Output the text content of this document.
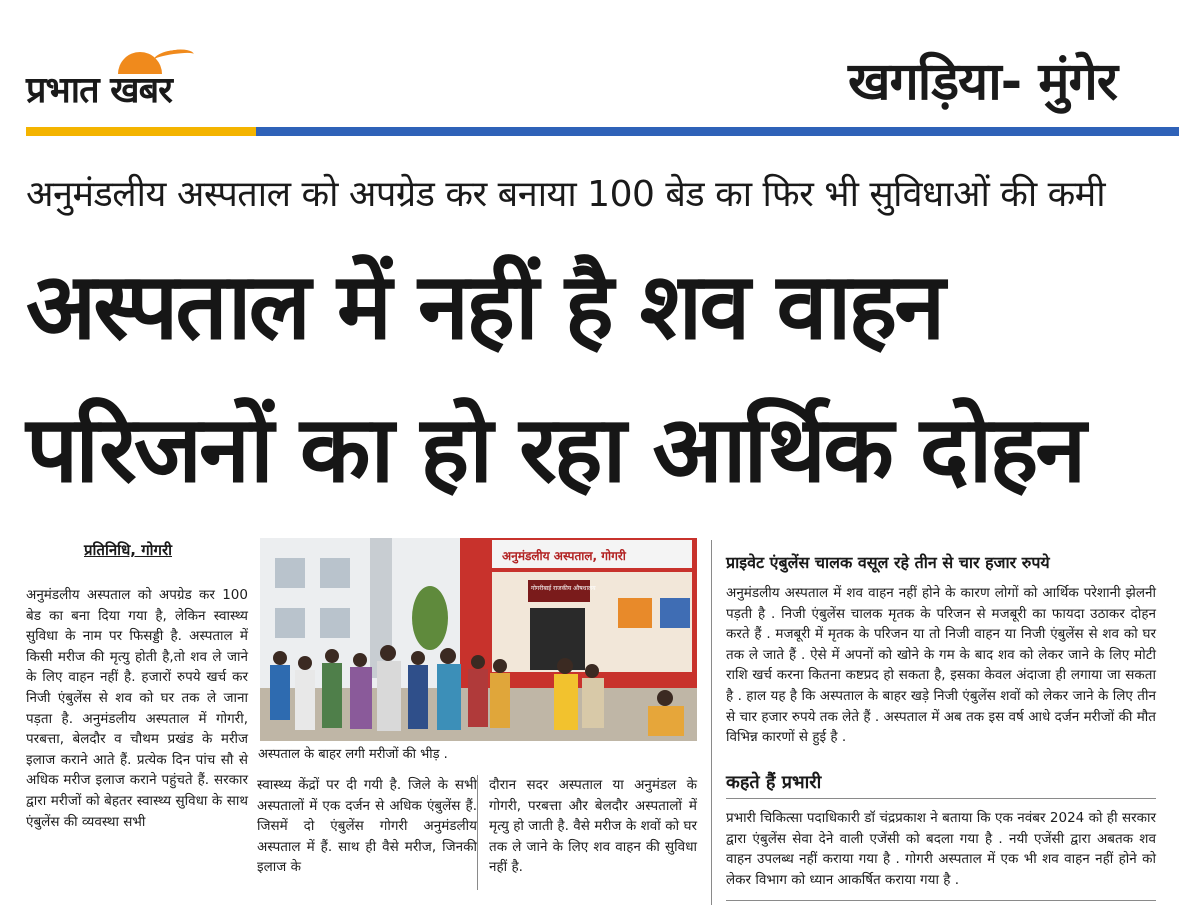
प्रभात खबर	खगड़िया- मुंगेर
अनुमंडलीय अस्पताल को अपग्रेड कर बनाया 100 बेड का फिर भी सुविधाओं की कमी
अस्पताल में नहीं है शव वाहन
परिजनों का हो रहा आर्थिक दोहन
प्रतिनिधि, गोगरी
अनुमंडलीय अस्पताल को अपग्रेड कर 100 बेड का बना दिया गया है, लेकिन स्वास्थ्य सुविधा के नाम पर फिसड्डी है. अस्पताल में किसी मरीज की मृत्यु होती है,तो शव ले जाने के लिए वाहन नहीं है. हजारों रुपये खर्च कर निजी एंबुलेंस से शव को घर तक ले जाना पड़ता है. अनुमंडलीय अस्पताल में गोगरी, परबत्ता, बेलदौर व चौथम प्रखंड के मरीज इलाज कराने आते हैं. प्रत्येक दिन पांच सौ से अधिक मरीज इलाज कराने पहुंचते हैं. सरकार द्वारा मरीजों को बेहतर स्वास्थ्य सुविधा के साथ एंबुलेंस की व्यवस्था सभी
अनुमंडलीय अस्पताल, गोगरी
गोगरीबाई राजकीय औषधालय
अस्पताल के बाहर लगी मरीजों की भीड़ .
स्वास्थ्य केंद्रों पर दी गयी है. जिले के सभी अस्पतालों में एक दर्जन से अधिक एंबुलेंस हैं. जिसमें दो एंबुलेंस गोगरी अनुमंडलीय अस्पताल में हैं. साथ ही वैसे मरीज, जिनकी इलाज के
दौरान सदर अस्पताल या अनुमंडल के गोगरी, परबत्ता और बेलदौर अस्पतालों में मृत्यु हो जाती है. वैसे मरीज के शवों को घर तक ले जाने के लिए शव वाहन की सुविधा नहीं है.
प्राइवेट एंबुलेंस चालक वसूल रहे तीन से चार हजार रुपये
अनुमंडलीय अस्पताल में शव वाहन नहीं होने के कारण लोगों को आर्थिक परेशानी झेलनी पड़ती है . निजी एंबुलेंस चालक मृतक के परिजन से मजबूरी का फायदा उठाकर दोहन करते हैं . मजबूरी में मृतक के परिजन या तो निजी वाहन या निजी एंबुलेंस से शव को घर तक ले जाते हैं . ऐसे में अपनों को खोने के गम के बाद शव को लेकर जाने के लिए मोटी राशि खर्च करना कितना कष्टप्रद हो सकता है, इसका केवल अंदाजा ही लगाया जा सकता है . हाल यह है कि अस्पताल के बाहर खड़े निजी एंबुलेंस शवों को लेकर जाने के लिए तीन से चार हजार रुपये तक लेते हैं . अस्पताल में अब तक इस वर्ष आधे दर्जन मरीजों की मौत विभिन्न कारणों से हुई है .
कहते हैं प्रभारी
प्रभारी चिकित्सा पदाधिकारी डॉ चंद्रप्रकाश ने बताया कि एक नवंबर 2024 को ही सरकार द्वारा एंबुलेंस सेवा देने वाली एजेंसी को बदला गया है . नयी एजेंसी द्वारा अबतक शव वाहन उपलब्ध नहीं कराया गया है . गोगरी अस्पताल में एक भी शव वाहन नहीं होने को लेकर विभाग को ध्यान आकर्षित कराया गया है .
